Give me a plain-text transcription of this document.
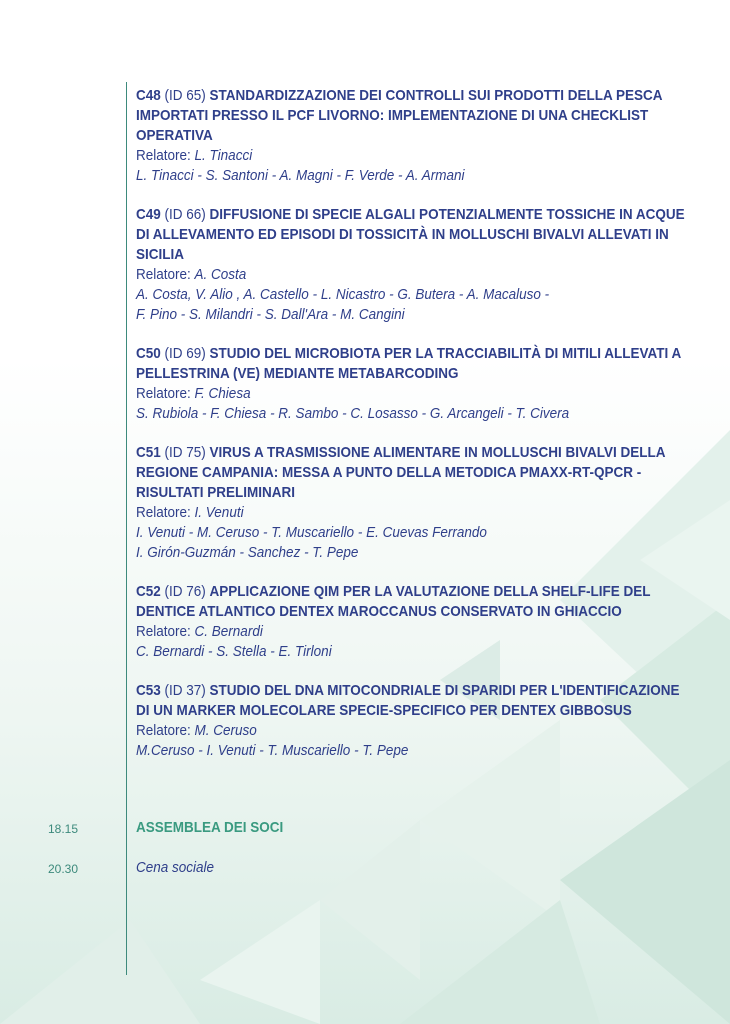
C48 (ID 65) STANDARDIZZAZIONE DEI CONTROLLI SUI PRODOTTI DELLA PESCA IMPORTATI PRESSO IL PCF LIVORNO: IMPLEMENTAZIONE DI UNA CHECKLIST OPERATIVA
Relatore: L. Tinacci
L. Tinacci - S. Santoni - A. Magni - F. Verde - A. Armani
C49 (ID 66) DIFFUSIONE DI SPECIE ALGALI POTENZIALMENTE TOSSICHE IN ACQUE DI ALLEVAMENTO ED EPISODI DI TOSSICITÀ IN MOLLUSCHI BIVALVI ALLEVATI IN SICILIA
Relatore: A. Costa
A. Costa, V. Alio , A. Castello - L. Nicastro - G. Butera - A. Macaluso -
F. Pino - S. Milandri - S. Dall'Ara - M. Cangini
C50 (ID 69) STUDIO DEL MICROBIOTA PER LA TRACCIABILITÀ DI MITILI ALLEVATI A PELLESTRINA (VE) MEDIANTE METABARCODING
Relatore: F. Chiesa
S. Rubiola - F. Chiesa - R. Sambo - C. Losasso - G. Arcangeli - T. Civera
C51 (ID 75) VIRUS A TRASMISSIONE ALIMENTARE IN MOLLUSCHI BIVALVI DELLA REGIONE CAMPANIA: MESSA A PUNTO DELLA METODICA PMAXX-RT-QPCR - RISULTATI PRELIMINARI
Relatore: I. Venuti
I. Venuti - M. Ceruso - T. Muscariello - E. Cuevas Ferrando
I. Girón-Guzmán - Sanchez - T. Pepe
C52 (ID 76) APPLICAZIONE QIM PER LA VALUTAZIONE DELLA SHELF-LIFE DEL DENTICE ATLANTICO DENTEX MAROCCANUS CONSERVATO IN GHIACCIO
Relatore: C. Bernardi
C. Bernardi - S. Stella - E. Tirloni
C53 (ID 37) STUDIO DEL DNA MITOCONDRIALE DI SPARIDI PER L'IDENTIFICAZIONE DI UN MARKER MOLECOLARE SPECIE-SPECIFICO PER DENTEX GIBBOSUS
Relatore: M. Ceruso
M.Ceruso - I. Venuti - T. Muscariello - T. Pepe
18.15	ASSEMBLEA DEI SOCI
20.30	Cena sociale
